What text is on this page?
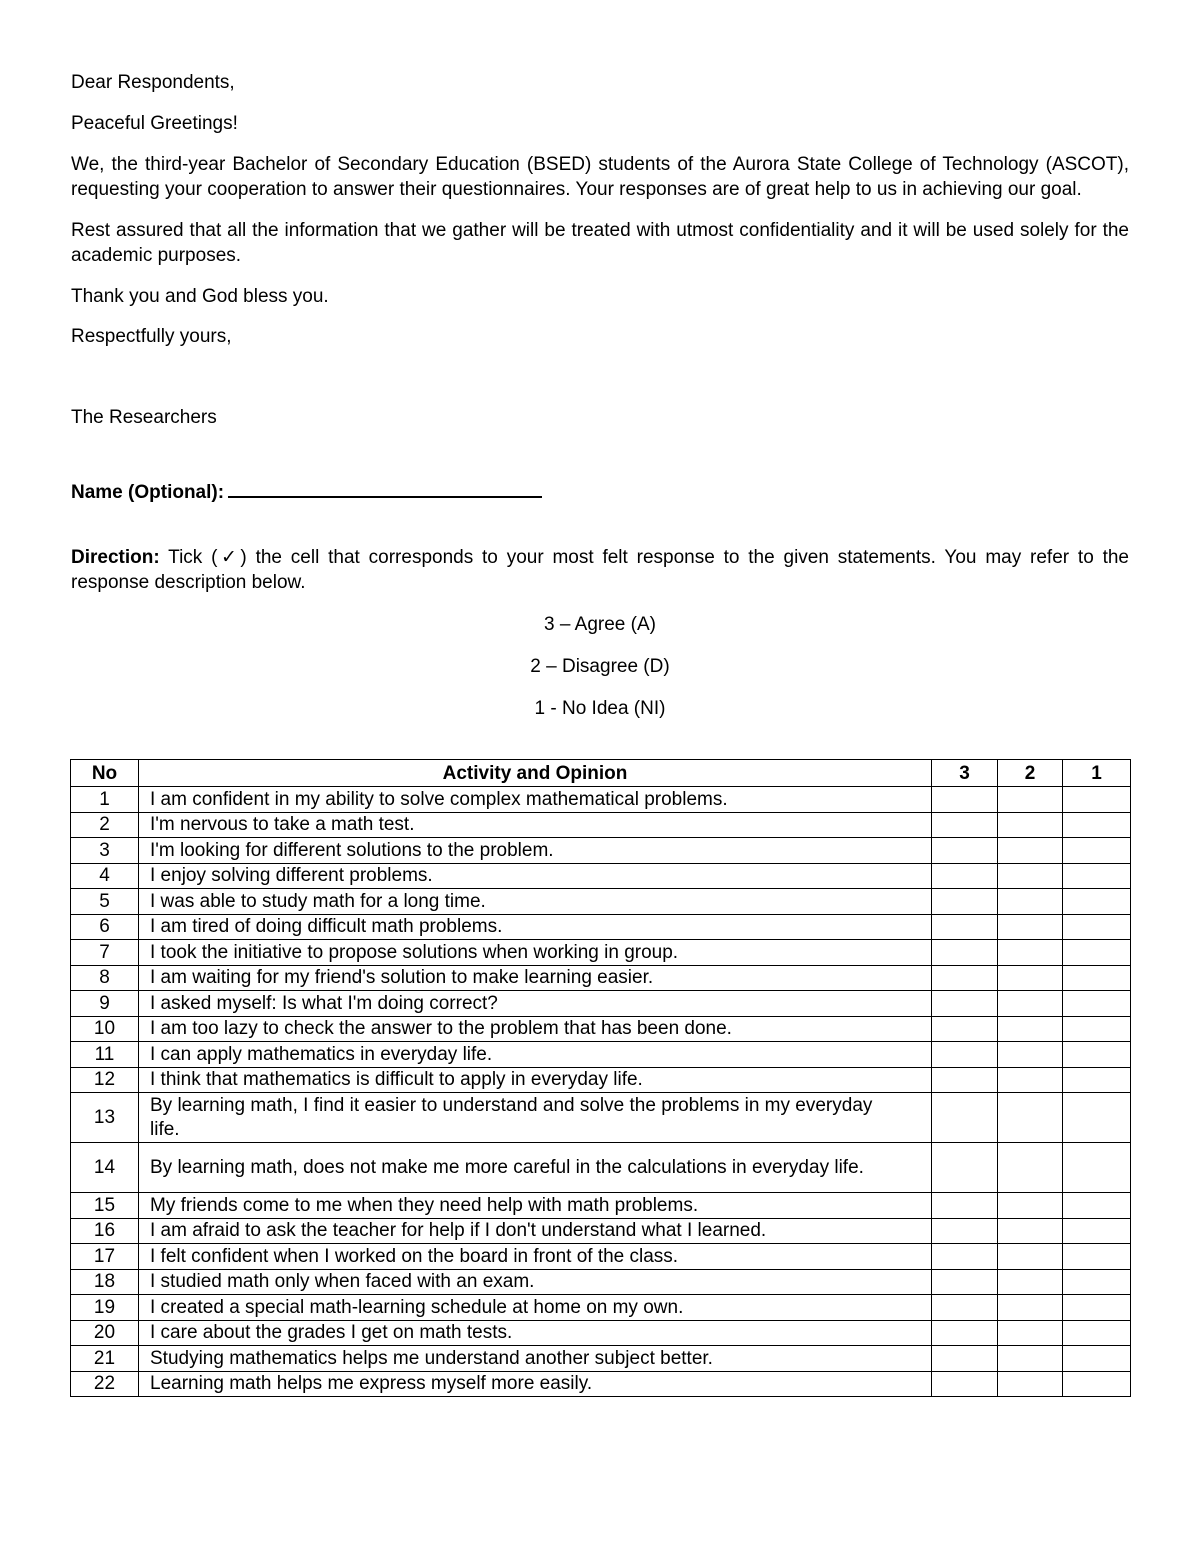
Dear Respondents,

Peaceful Greetings!

We, the third-year Bachelor of Secondary Education (BSED) students of the Aurora State College of Technology (ASCOT), requesting your cooperation to answer their questionnaires. Your responses are of great help to us in achieving our goal.

Rest assured that all the information that we gather will be treated with utmost confidentiality and it will be used solely for the academic purposes.

Thank you and God bless you.

Respectfully yours,

The Researchers

Name (Optional):

Direction: Tick (✓) the cell that corresponds to your most felt response to the given statements. You may refer to the response description below.

3 – Agree (A)

2 – Disagree (D)

1 - No Idea (NI)

No	Activity and Opinion	3	2	1
1	I am confident in my ability to solve complex mathematical problems.			
2	I'm nervous to take a math test.			
3	I'm looking for different solutions to the problem.			
4	I enjoy solving different problems.			
5	I was able to study math for a long time.			
6	I am tired of doing difficult math problems.			
7	I took the initiative to propose solutions when working in group.			
8	I am waiting for my friend's solution to make learning easier.			
9	I asked myself: Is what I'm doing correct?			
10	I am too lazy to check the answer to the problem that has been done.			
11	I can apply mathematics in everyday life.			
12	I think that mathematics is difficult to apply in everyday life.			
13	By learning math, I find it easier to understand and solve the problems in my everyday life.			
14	By learning math, does not make me more careful in the calculations in everyday life.			
15	My friends come to me when they need help with math problems.			
16	I am afraid to ask the teacher for help if I don't understand what I learned.			
17	I felt confident when I worked on the board in front of the class.			
18	I studied math only when faced with an exam.			
19	I created a special math-learning schedule at home on my own.			
20	I care about the grades I get on math tests.			
21	Studying mathematics helps me understand another subject better.			
22	Learning math helps me express myself more easily.			
